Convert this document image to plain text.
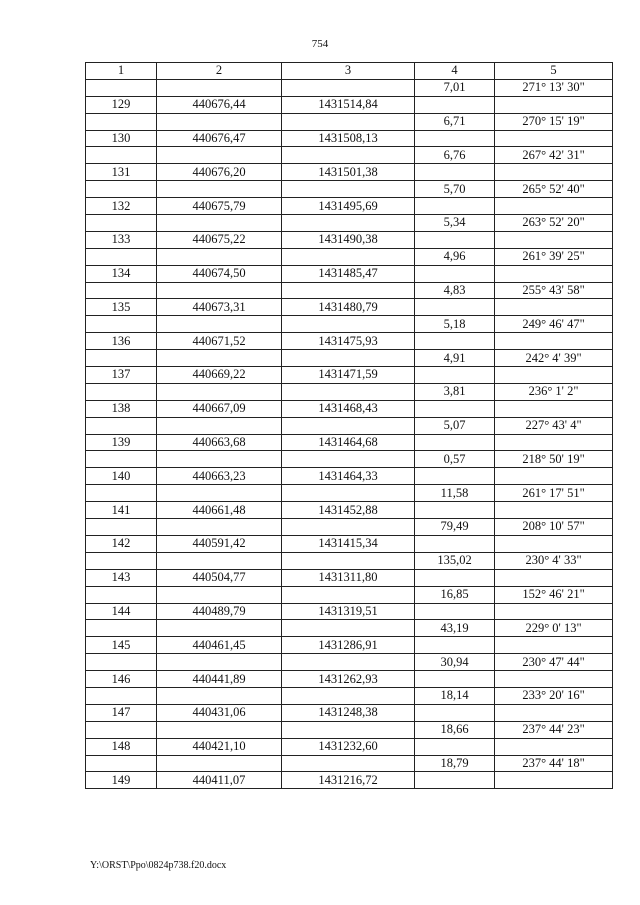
754
1	2	3	4	5
			7,01	271° 13' 30"
129	440676,44	1431514,84		
			6,71	270° 15' 19"
130	440676,47	1431508,13		
			6,76	267° 42' 31"
131	440676,20	1431501,38		
			5,70	265° 52' 40"
132	440675,79	1431495,69		
			5,34	263° 52' 20"
133	440675,22	1431490,38		
			4,96	261° 39' 25"
134	440674,50	1431485,47		
			4,83	255° 43' 58"
135	440673,31	1431480,79		
			5,18	249° 46' 47"
136	440671,52	1431475,93		
			4,91	242° 4' 39"
137	440669,22	1431471,59		
			3,81	236° 1' 2"
138	440667,09	1431468,43		
			5,07	227° 43' 4"
139	440663,68	1431464,68		
			0,57	218° 50' 19"
140	440663,23	1431464,33		
			11,58	261° 17' 51"
141	440661,48	1431452,88		
			79,49	208° 10' 57"
142	440591,42	1431415,34		
			135,02	230° 4' 33"
143	440504,77	1431311,80		
			16,85	152° 46' 21"
144	440489,79	1431319,51		
			43,19	229° 0' 13"
145	440461,45	1431286,91		
			30,94	230° 47' 44"
146	440441,89	1431262,93		
			18,14	233° 20' 16"
147	440431,06	1431248,38		
			18,66	237° 44' 23"
148	440421,10	1431232,60		
			18,79	237° 44' 18"
149	440411,07	1431216,72		
Y:\ORST\Ppo\0824p738.f20.docx
